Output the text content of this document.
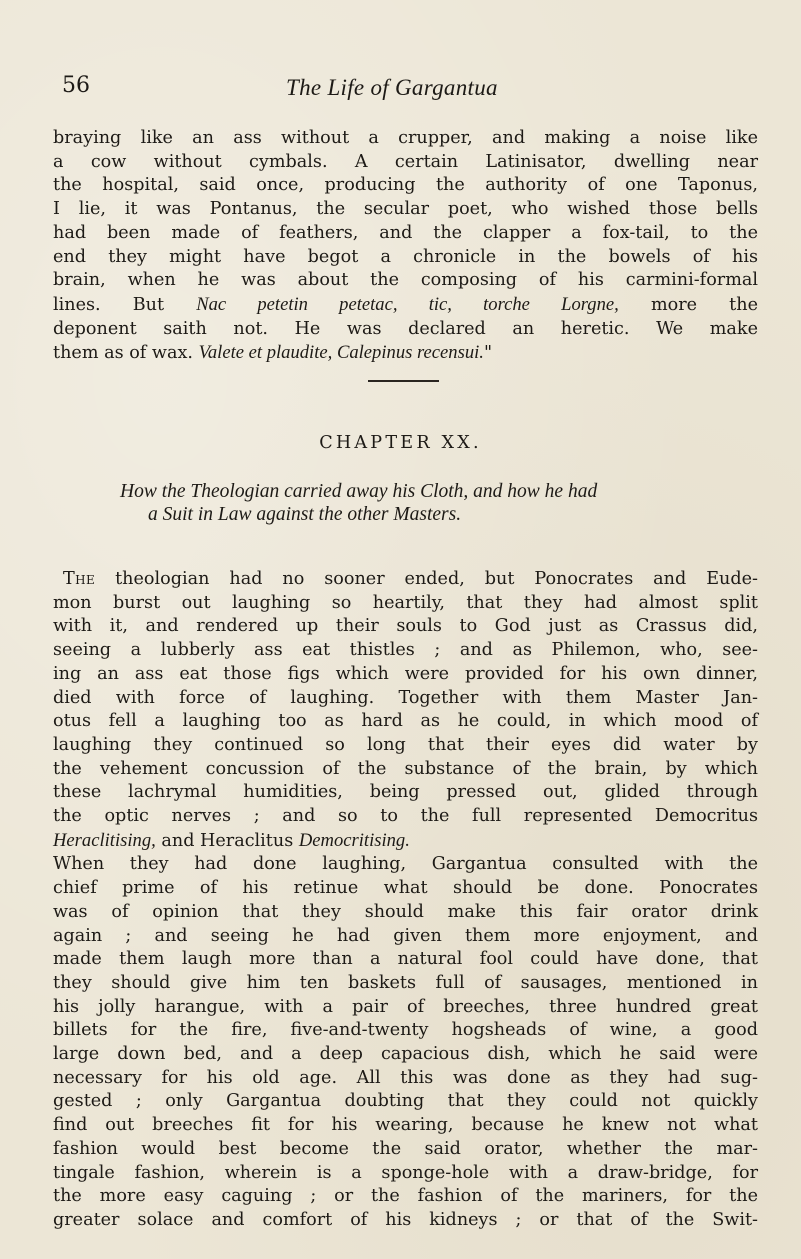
56	The Life of Gargantua
braying like an ass without a crupper, and making a noise like
a cow without cymbals. A certain Latinisator, dwelling near
the hospital, said once, producing the authority of one Taponus,
I lie, it was Pontanus, the secular poet, who wished those bells
had been made of feathers, and the clapper a fox-tail, to the
end they might have begot a chronicle in the bowels of his
brain, when he was about the composing of his carmini-formal
lines. But Nac petetin petetac, tic, torche Lorgne, more the
deponent saith not. He was declared an heretic. We make
them as of wax. Valete et plaudite, Calepinus recensui."
CHAPTER XX.
How the Theologian carried away his Cloth, and how he had
a Suit in Law against the other Masters.
The theologian had no sooner ended, but Ponocrates and Eude-
mon burst out laughing so heartily, that they had almost split
with it, and rendered up their souls to God just as Crassus did,
seeing a lubberly ass eat thistles ; and as Philemon, who, see-
ing an ass eat those figs which were provided for his own dinner,
died with force of laughing. Together with them Master Jan-
otus fell a laughing too as hard as he could, in which mood of
laughing they continued so long that their eyes did water by
the vehement concussion of the substance of the brain, by which
these lachrymal humidities, being pressed out, glided through
the optic nerves ; and so to the full represented Democritus
Heraclitising, and Heraclitus Democritising.
When they had done laughing, Gargantua consulted with the
chief prime of his retinue what should be done. Ponocrates
was of opinion that they should make this fair orator drink
again ; and seeing he had given them more enjoyment, and
made them laugh more than a natural fool could have done, that
they should give him ten baskets full of sausages, mentioned in
his jolly harangue, with a pair of breeches, three hundred great
billets for the fire, five-and-twenty hogsheads of wine, a good
large down bed, and a deep capacious dish, which he said were
necessary for his old age. All this was done as they had sug-
gested ; only Gargantua doubting that they could not quickly
find out breeches fit for his wearing, because he knew not what
fashion would best become the said orator, whether the mar-
tingale fashion, wherein is a sponge-hole with a draw-bridge, for
the more easy caguing ; or the fashion of the mariners, for the
greater solace and comfort of his kidneys ; or that of the Swit-
